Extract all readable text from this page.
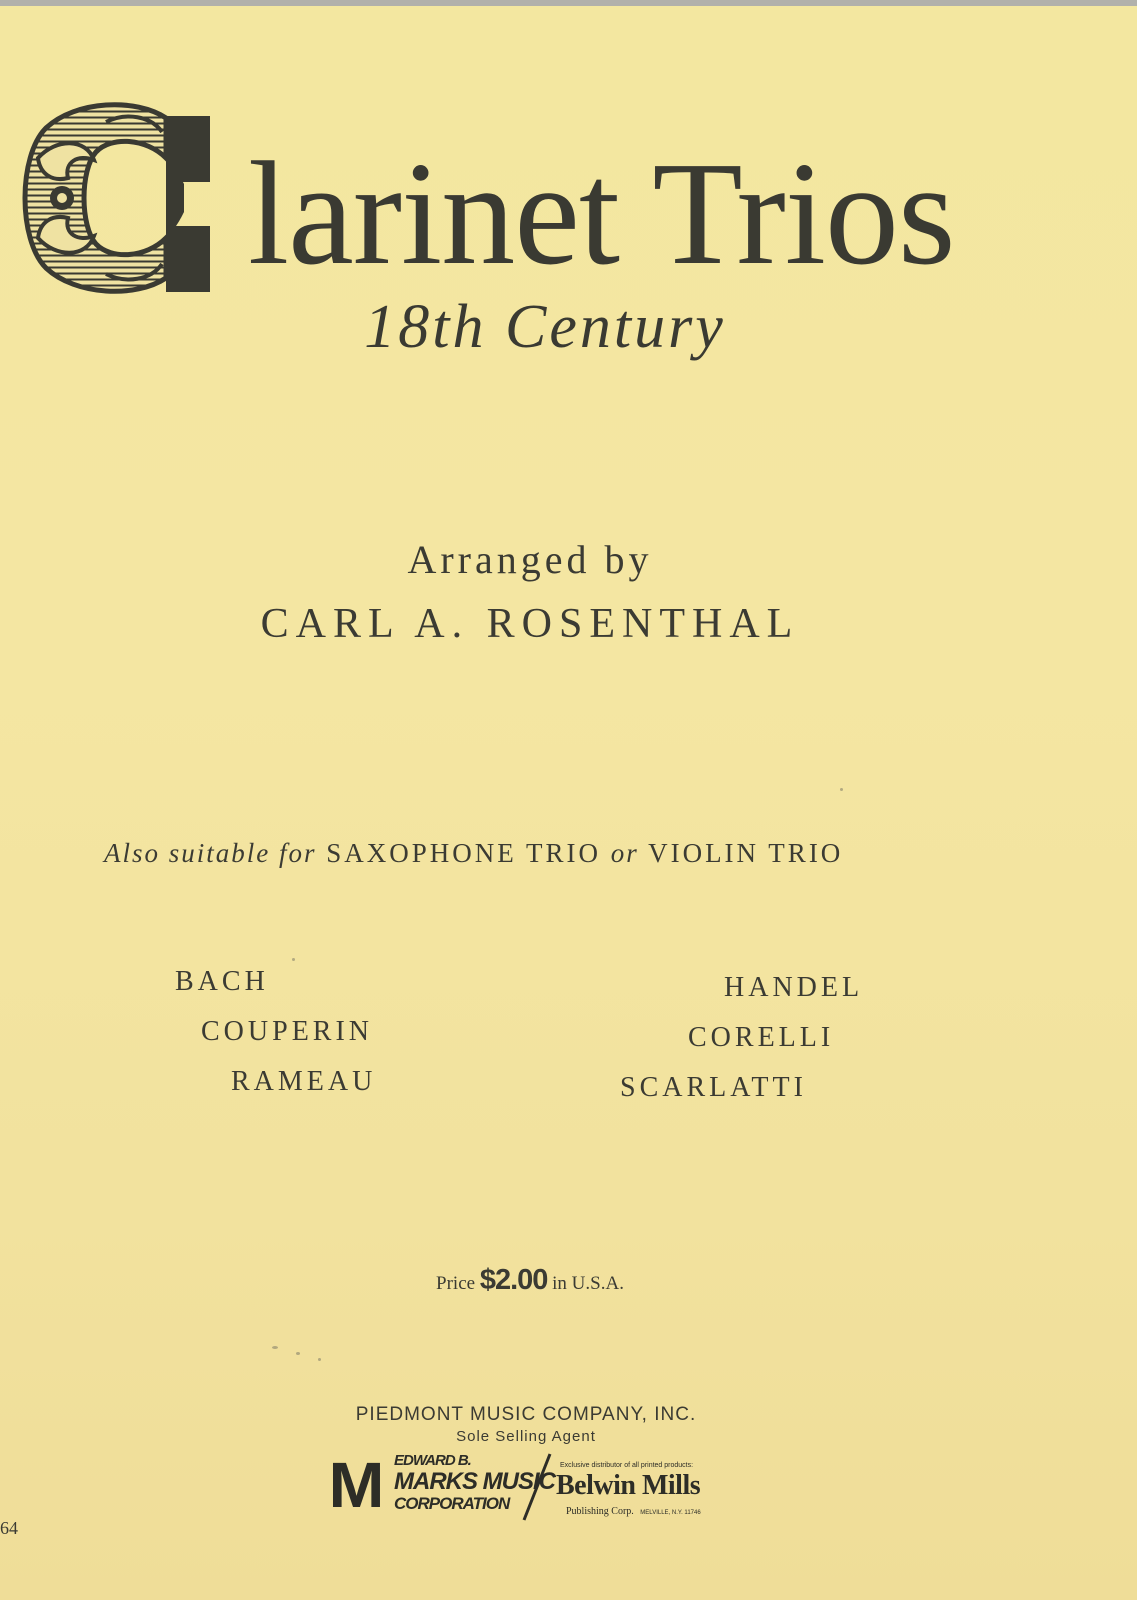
C larinet Trios
18th Century
Arranged by
CARL A. ROSENTHAL
Also suitable for SAXOPHONE TRIO or VIOLIN TRIO
BACH
COUPERIN
RAMEAU
HANDEL
CORELLI
SCARLATTI
Price $2.00 in U.S.A.
PIEDMONT MUSIC COMPANY, INC.
Sole Selling Agent
M EDWARD B.
MARKS MUSIC
CORPORATION
Exclusive distributor of all printed products:
Belwin Mills
Publishing Corp. MELVILLE, N.Y. 11746
64
